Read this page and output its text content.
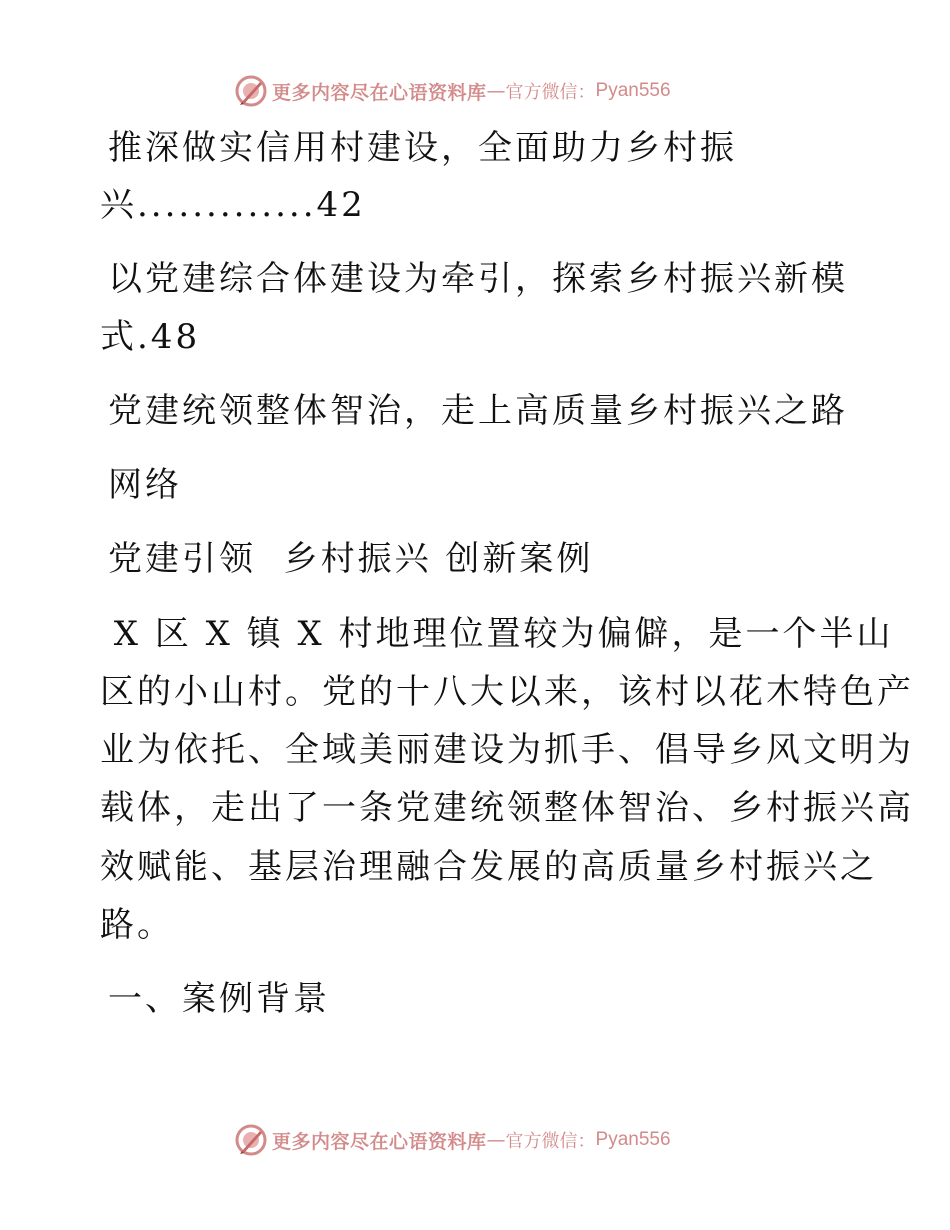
更多内容尽在心语资料库 — 官方微信： Pyan556
推深做实信用村建设，全面助力乡村振
兴.............42
以党建综合体建设为牵引，探索乡村振兴新模
式.48
党建统领整体智治，走上高质量乡村振兴之路
网络
党建引领  乡村振兴 创新案例
X 区 X 镇 X 村地理位置较为偏僻，是一个半山
区的小山村。党的十八大以来，该村以花木特色产
业为依托、全域美丽建设为抓手、倡导乡风文明为
载体，走出了一条党建统领整体智治、乡村振兴高
效赋能、基层治理融合发展的高质量乡村振兴之
路。
一、案例背景
更多内容尽在心语资料库 — 官方微信： Pyan556
